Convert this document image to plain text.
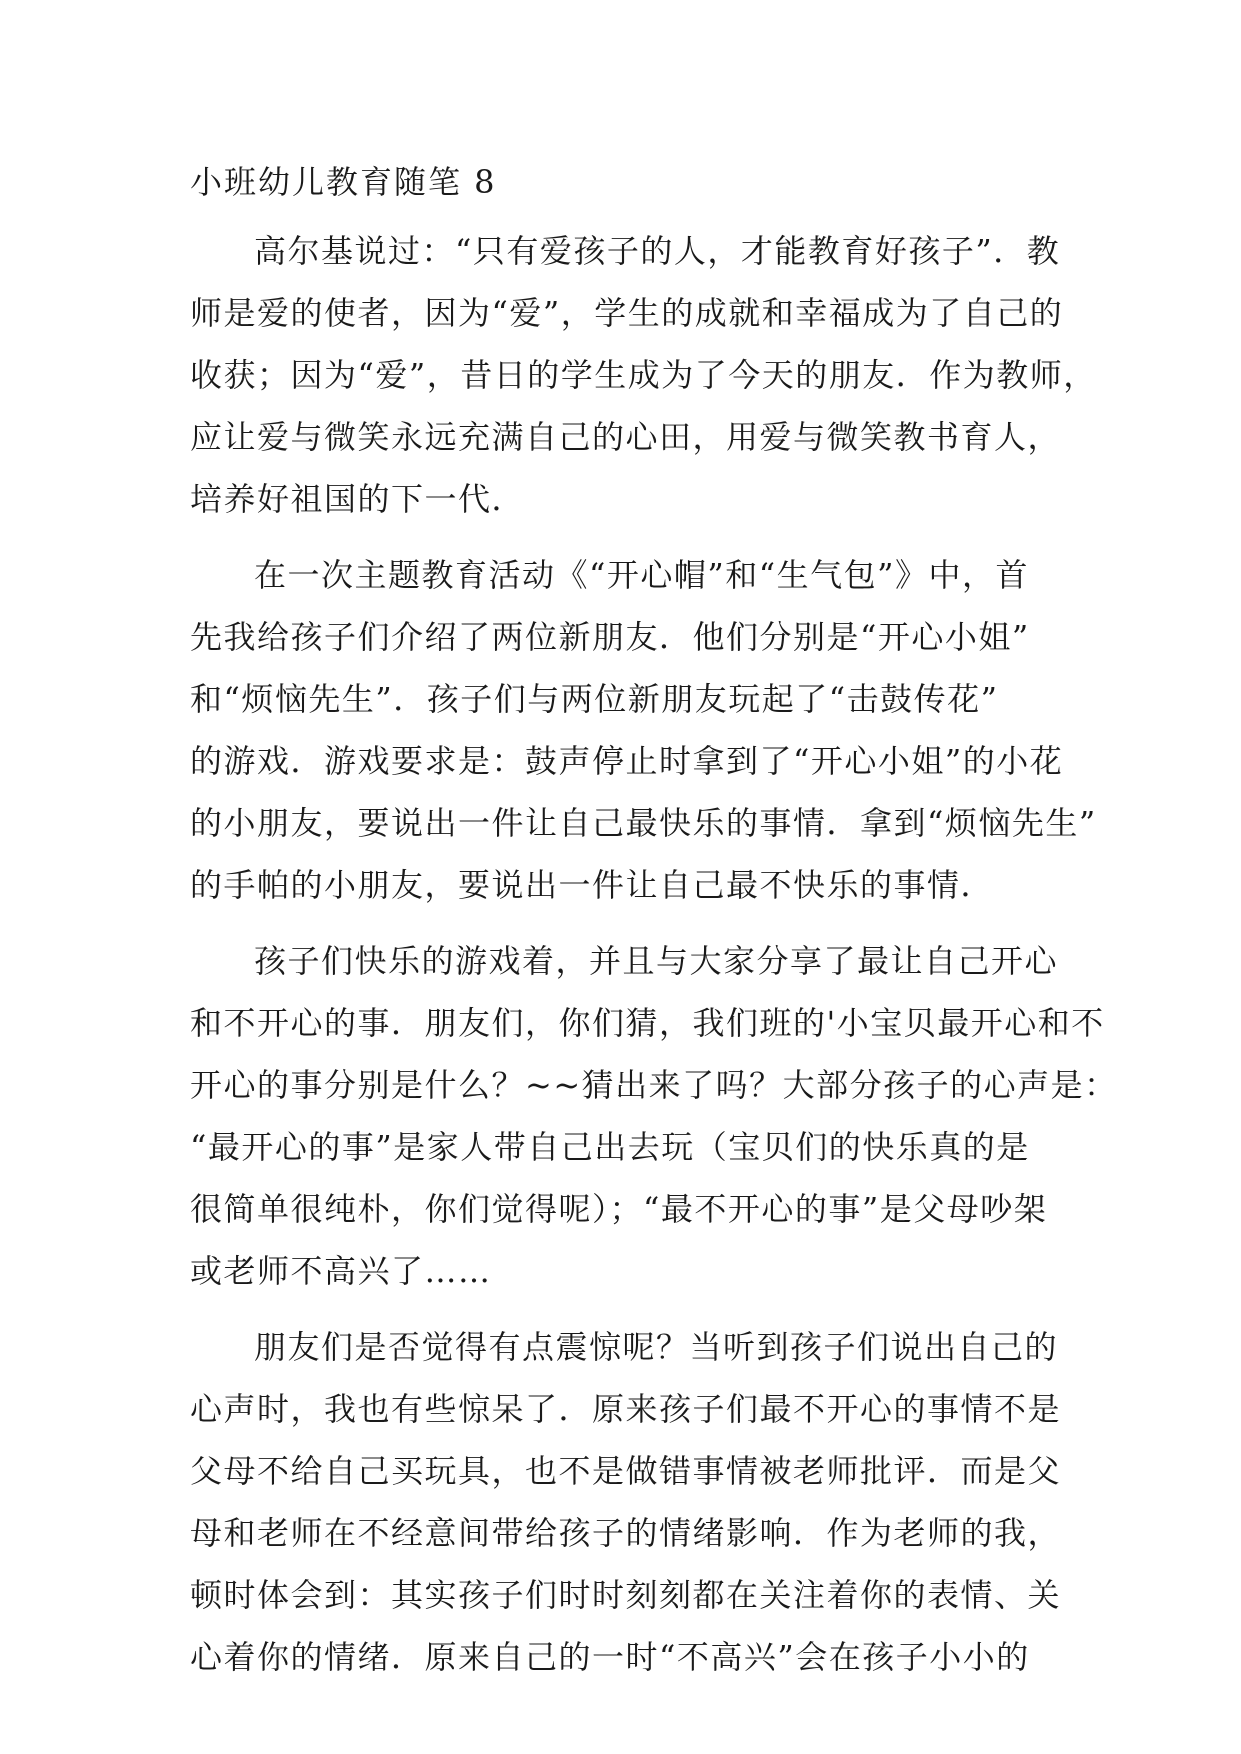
小班幼儿教育随笔 8
高尔基说过：“只有爱孩子的人，才能教育好孩子”．教
师是爱的使者，因为“爱”，学生的成就和幸福成为了自己的
收获；因为“爱”，昔日的学生成为了今天的朋友．作为教师，
应让爱与微笑永远充满自己的心田，用爱与微笑教书育人，
培养好祖国的下一代．
在一次主题教育活动《“开心帽”和“生气包”》中，首
先我给孩子们介绍了两位新朋友．他们分别是“开心小姐”
和“烦恼先生”．孩子们与两位新朋友玩起了“击鼓传花”
的游戏．游戏要求是：鼓声停止时拿到了“开心小姐”的小花
的小朋友，要说出一件让自己最快乐的事情．拿到“烦恼先生”
的手帕的小朋友，要说出一件让自己最不快乐的事情．
孩子们快乐的游戏着，并且与大家分享了最让自己开心
和不开心的事．朋友们，你们猜，我们班的'小宝贝最开心和不
开心的事分别是什么？~~猜出来了吗？大部分孩子的心声是：
“最开心的事”是家人带自己出去玩（宝贝们的快乐真的是
很简单很纯朴，你们觉得呢）；“最不开心的事”是父母吵架
或老师不高兴了……
朋友们是否觉得有点震惊呢？当听到孩子们说出自己的
心声时，我也有些惊呆了．原来孩子们最不开心的事情不是
父母不给自己买玩具，也不是做错事情被老师批评．而是父
母和老师在不经意间带给孩子的情绪影响．作为老师的我，
顿时体会到：其实孩子们时时刻刻都在关注着你的表情、关
心着你的情绪．原来自己的一时“不高兴”会在孩子小小的
